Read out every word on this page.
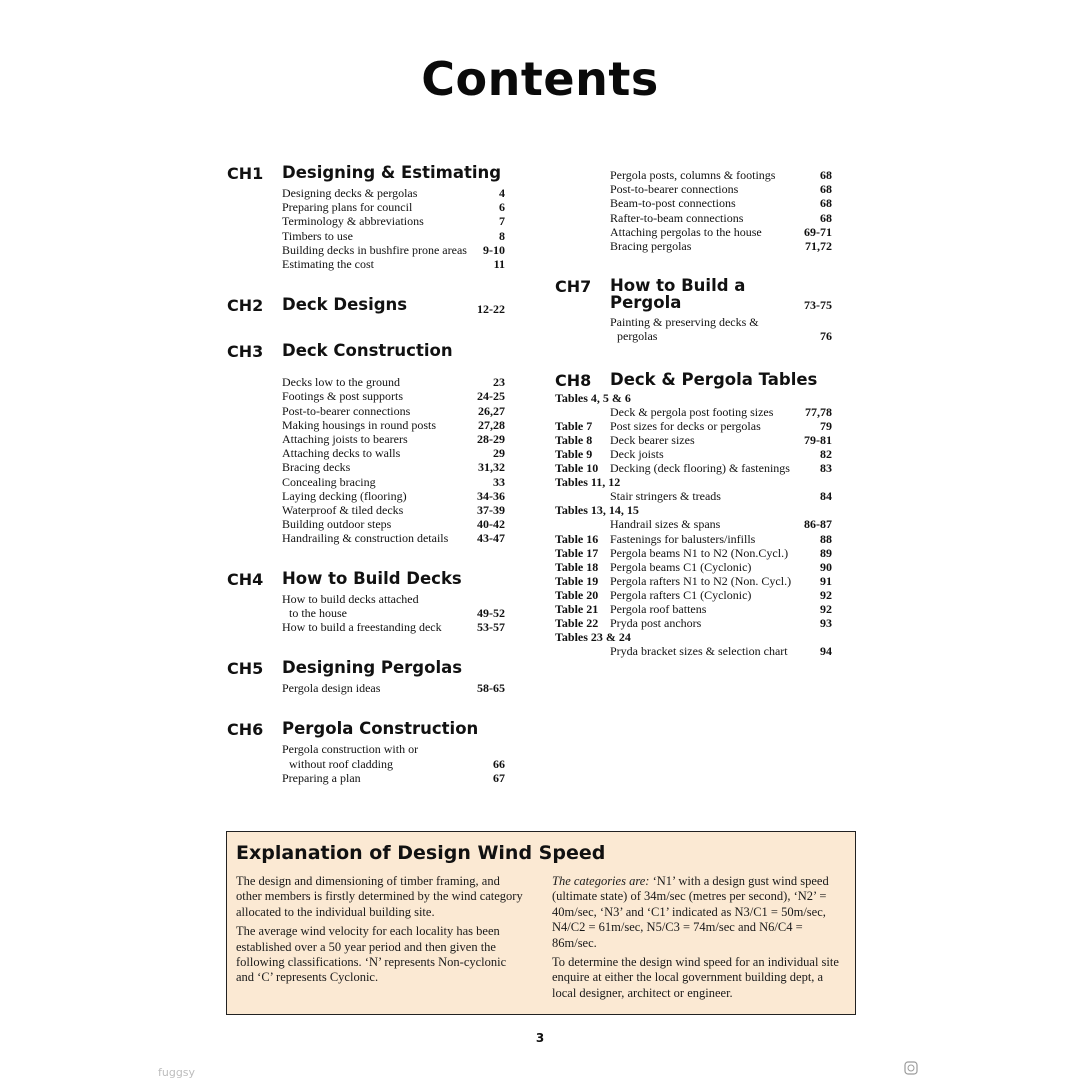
Contents
CH1 Designing & Estimating
Designing decks & pergolas	4
Preparing plans for council	6
Terminology & abbreviations	7
Timbers to use	8
Building decks in bushfire prone areas	9-10
Estimating the cost	11
CH2 Deck Designs	12-22
CH3 Deck Construction
Decks low to the ground	23
Footings & post supports	24-25
Post-to-bearer connections	26,27
Making housings in round posts	27,28
Attaching joists to bearers	28-29
Attaching decks to walls	29
Bracing decks	31,32
Concealing bracing	33
Laying decking (flooring)	34-36
Waterproof & tiled decks	37-39
Building outdoor steps	40-42
Handrailing & construction details	43-47
CH4 How to Build Decks
How to build decks attached
to the house	49-52
How to build a freestanding deck	53-57
CH5 Designing Pergolas
Pergola design ideas	58-65
CH6 Pergola Construction
Pergola construction with or
without roof cladding	66
Preparing a plan	67
Pergola posts, columns & footings	68
Post-to-bearer connections	68
Beam-to-post connections	68
Rafter-to-beam connections	68
Attaching pergolas to the house	69-71
Bracing pergolas	71,72
CH7 How to Build a
Pergola	73-75
Painting & preserving decks &
pergolas	76
CH8 Deck & Pergola Tables
Tables 4, 5 & 6
Deck & pergola post footing sizes	77,78
Table 7 Post sizes for decks or pergolas	79
Table 8 Deck bearer sizes	79-81
Table 9 Deck joists	82
Table 10 Decking (deck flooring) & fastenings	83
Tables 11, 12
Stair stringers & treads	84
Tables 13, 14, 15
Handrail sizes & spans	86-87
Table 16 Fastenings for balusters/infills	88
Table 17 Pergola beams N1 to N2 (Non.Cycl.)	89
Table 18 Pergola beams C1 (Cyclonic)	90
Table 19 Pergola rafters N1 to N2 (Non. Cycl.) 91
Table 20 Pergola rafters C1 (Cyclonic)	92
Table 21 Pergola roof battens	92
Table 22 Pryda post anchors	93
Tables 23 & 24
Pryda bracket sizes & selection chart	94
Explanation of Design Wind Speed

The design and dimensioning of timber framing, and other members is firstly determined by the wind category allocated to the individual building site.

The average wind velocity for each locality has been established over a 50 year period and then given the following classifications. ‘N’ represents Non-cyclonic and ‘C’ represents Cyclonic.

The categories are: ‘N1’ with a design gust wind speed (ultimate state) of 34m/sec (metres per second), ‘N2’ = 40m/sec, ‘N3’ and ‘C1’ indicated as N3/C1 = 50m/sec, N4/C2 = 61m/sec, N5/C3 = 74m/sec and N6/C4 = 86m/sec.

To determine the design wind speed for an individual site enquire at either the local government building dept, a local designer, architect or engineer.

3
fuggsy
